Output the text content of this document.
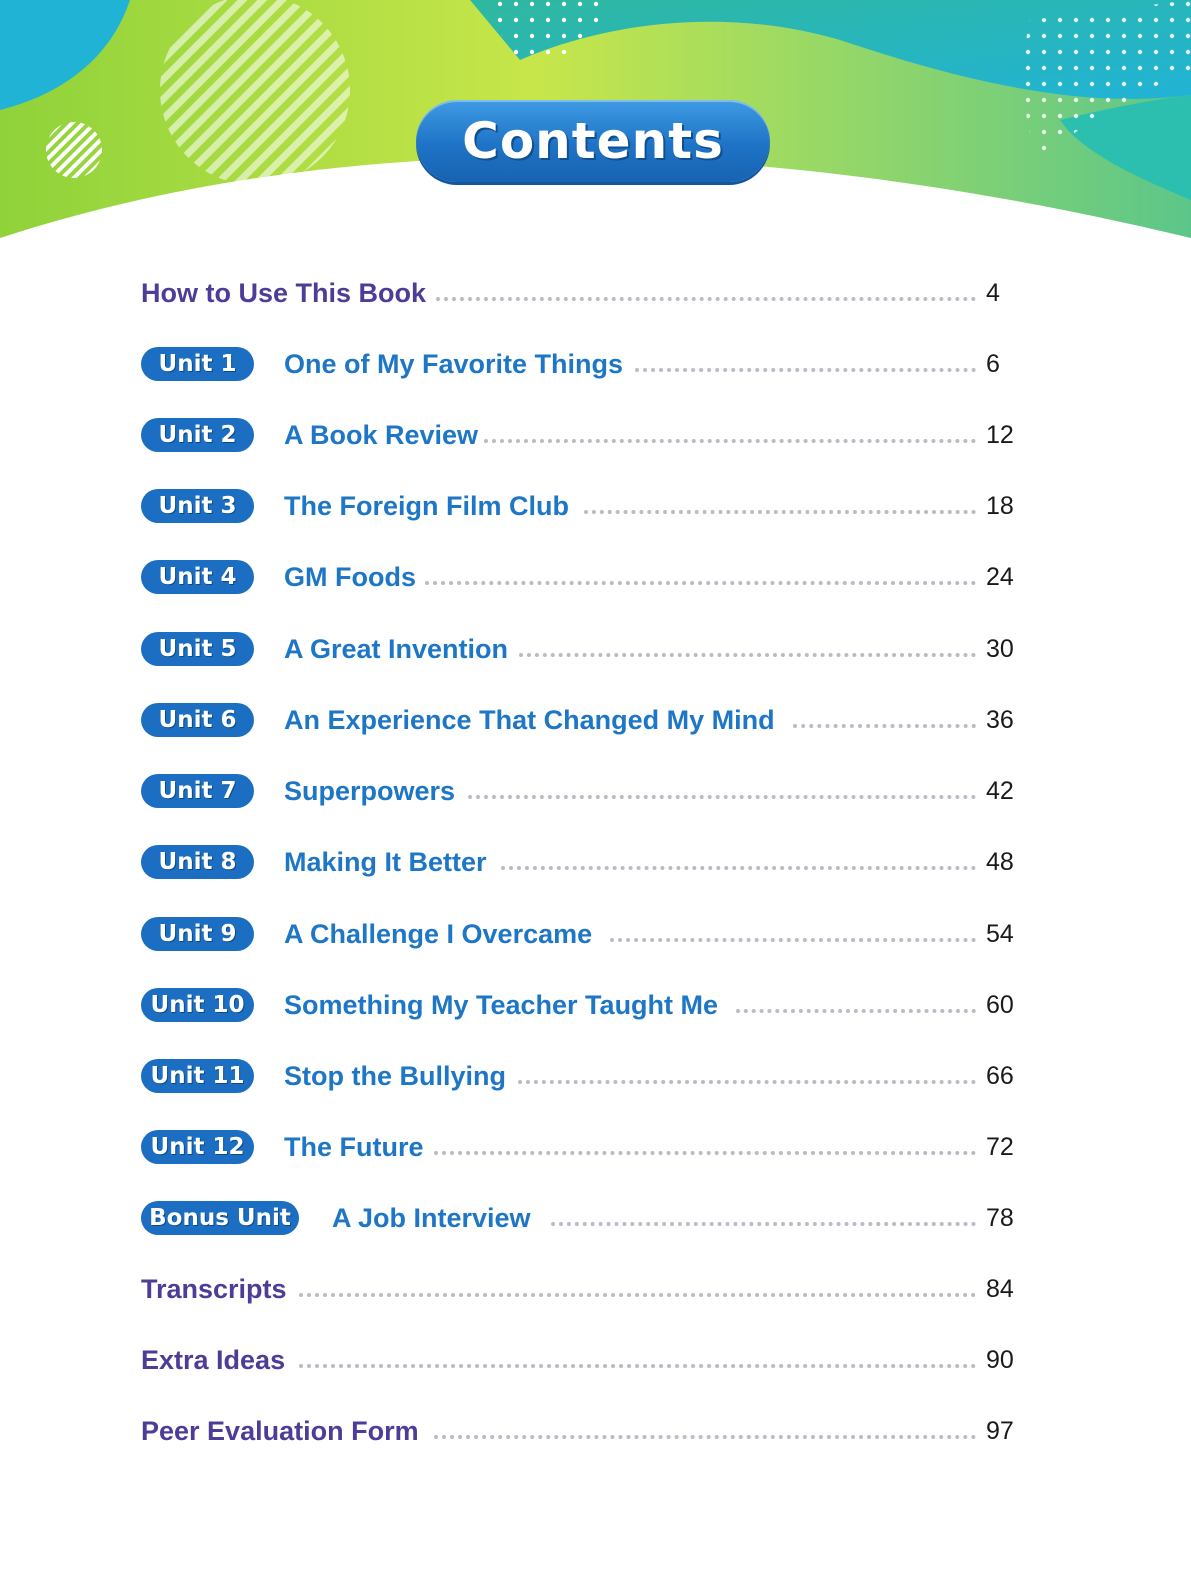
Contents
How to Use This Book	4
Unit 1	One of My Favorite Things	6
Unit 2	A Book Review	12
Unit 3	The Foreign Film Club	18
Unit 4	GM Foods	24
Unit 5	A Great Invention	30
Unit 6	An Experience That Changed My Mind	36
Unit 7	Superpowers	42
Unit 8	Making It Better	48
Unit 9	A Challenge I Overcame	54
Unit 10	Something My Teacher Taught Me	60
Unit 11	Stop the Bullying	66
Unit 12	The Future	72
Bonus Unit	A Job Interview	78
Transcripts	84
Extra Ideas	90
Peer Evaluation Form	97
